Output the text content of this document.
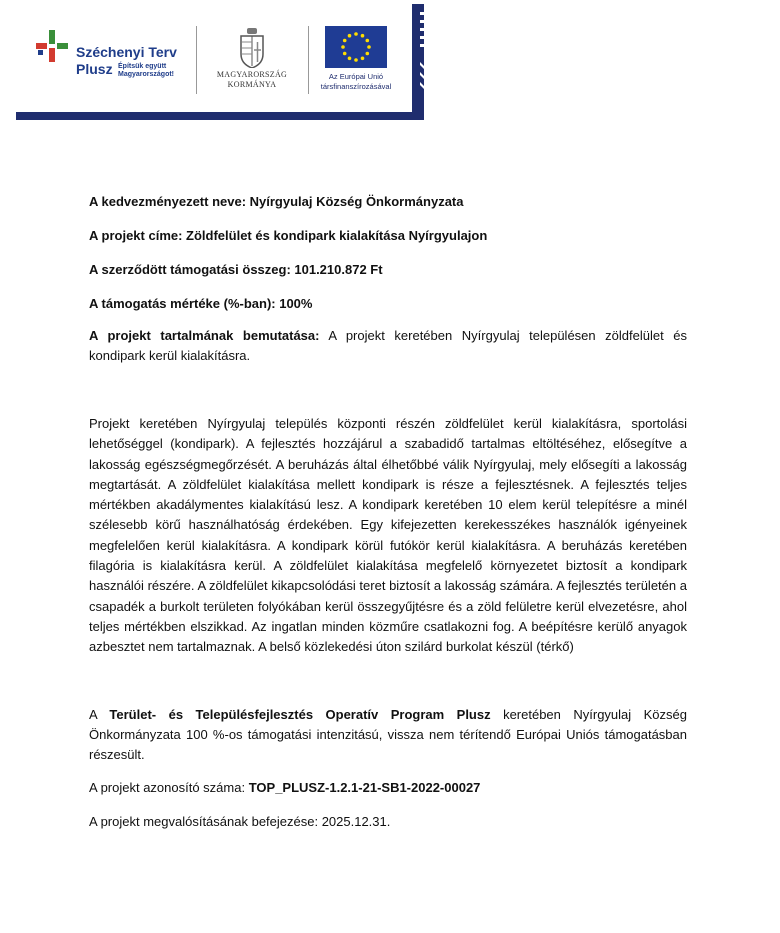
Széchenyi Terv
Plusz Építsük együtt Magyarországot!	MAGYARORSZÁG
KORMÁNYA
Az Európai Unió
társfinanszírozásával
A kedvezményezett neve: Nyírgyulaj Község Önkormányzata
A projekt címe: Zöldfelület és kondipark kialakítása Nyírgyulajon
A szerződött támogatási összeg: 101.210.872 Ft
A támogatás mértéke (%-ban): 100%
A projekt tartalmának bemutatása: A projekt keretében Nyírgyulaj településen zöldfelület és kondipark kerül kialakításra.
Projekt keretében Nyírgyulaj település központi részén zöldfelület kerül kialakításra, sportolási lehetőséggel (kondipark). A fejlesztés hozzájárul a szabadidő tartalmas eltöltéséhez, elősegítve a lakosság egészségmegőrzését. A beruházás által élhetőbbé válik Nyírgyulaj, mely elősegíti a lakosság megtartását. A zöldfelület kialakítása mellett kondipark is része a fejlesztésnek. A fejlesztés teljes mértékben akadálymentes kialakítású lesz. A kondipark keretében 10 elem kerül telepítésre a minél szélesebb körű használhatóság érdekében. Egy kifejezetten kerekesszékes használók igényeinek megfelelően kerül kialakításra. A kondipark körül futókör kerül kialakításra. A beruházás keretében filagória is kialakításra kerül. A zöldfelület kialakítása megfelelő környezetet biztosít a kondipark használói részére. A zöldfelület kikapcsolódási teret biztosít a lakosság számára. A fejlesztés területén a csapadék a burkolt területen folyókában kerül összegyűjtésre és a zöld felületre kerül elvezetésre, ahol teljes mértékben elszikkad. Az ingatlan minden közműre csatlakozni fog. A beépítésre kerülő anyagok azbesztet nem tartalmaznak. A belső közlekedési úton szilárd burkolat készül (térkő)
A Terület- és Településfejlesztés Operatív Program Plusz keretében Nyírgyulaj Község Önkormányzata 100 %-os támogatási intenzitású, vissza nem térítendő Európai Uniós támogatásban részesült.
A projekt azonosító száma: TOP_PLUSZ-1.2.1-21-SB1-2022-00027
A projekt megvalósításának befejezése: 2025.12.31.
